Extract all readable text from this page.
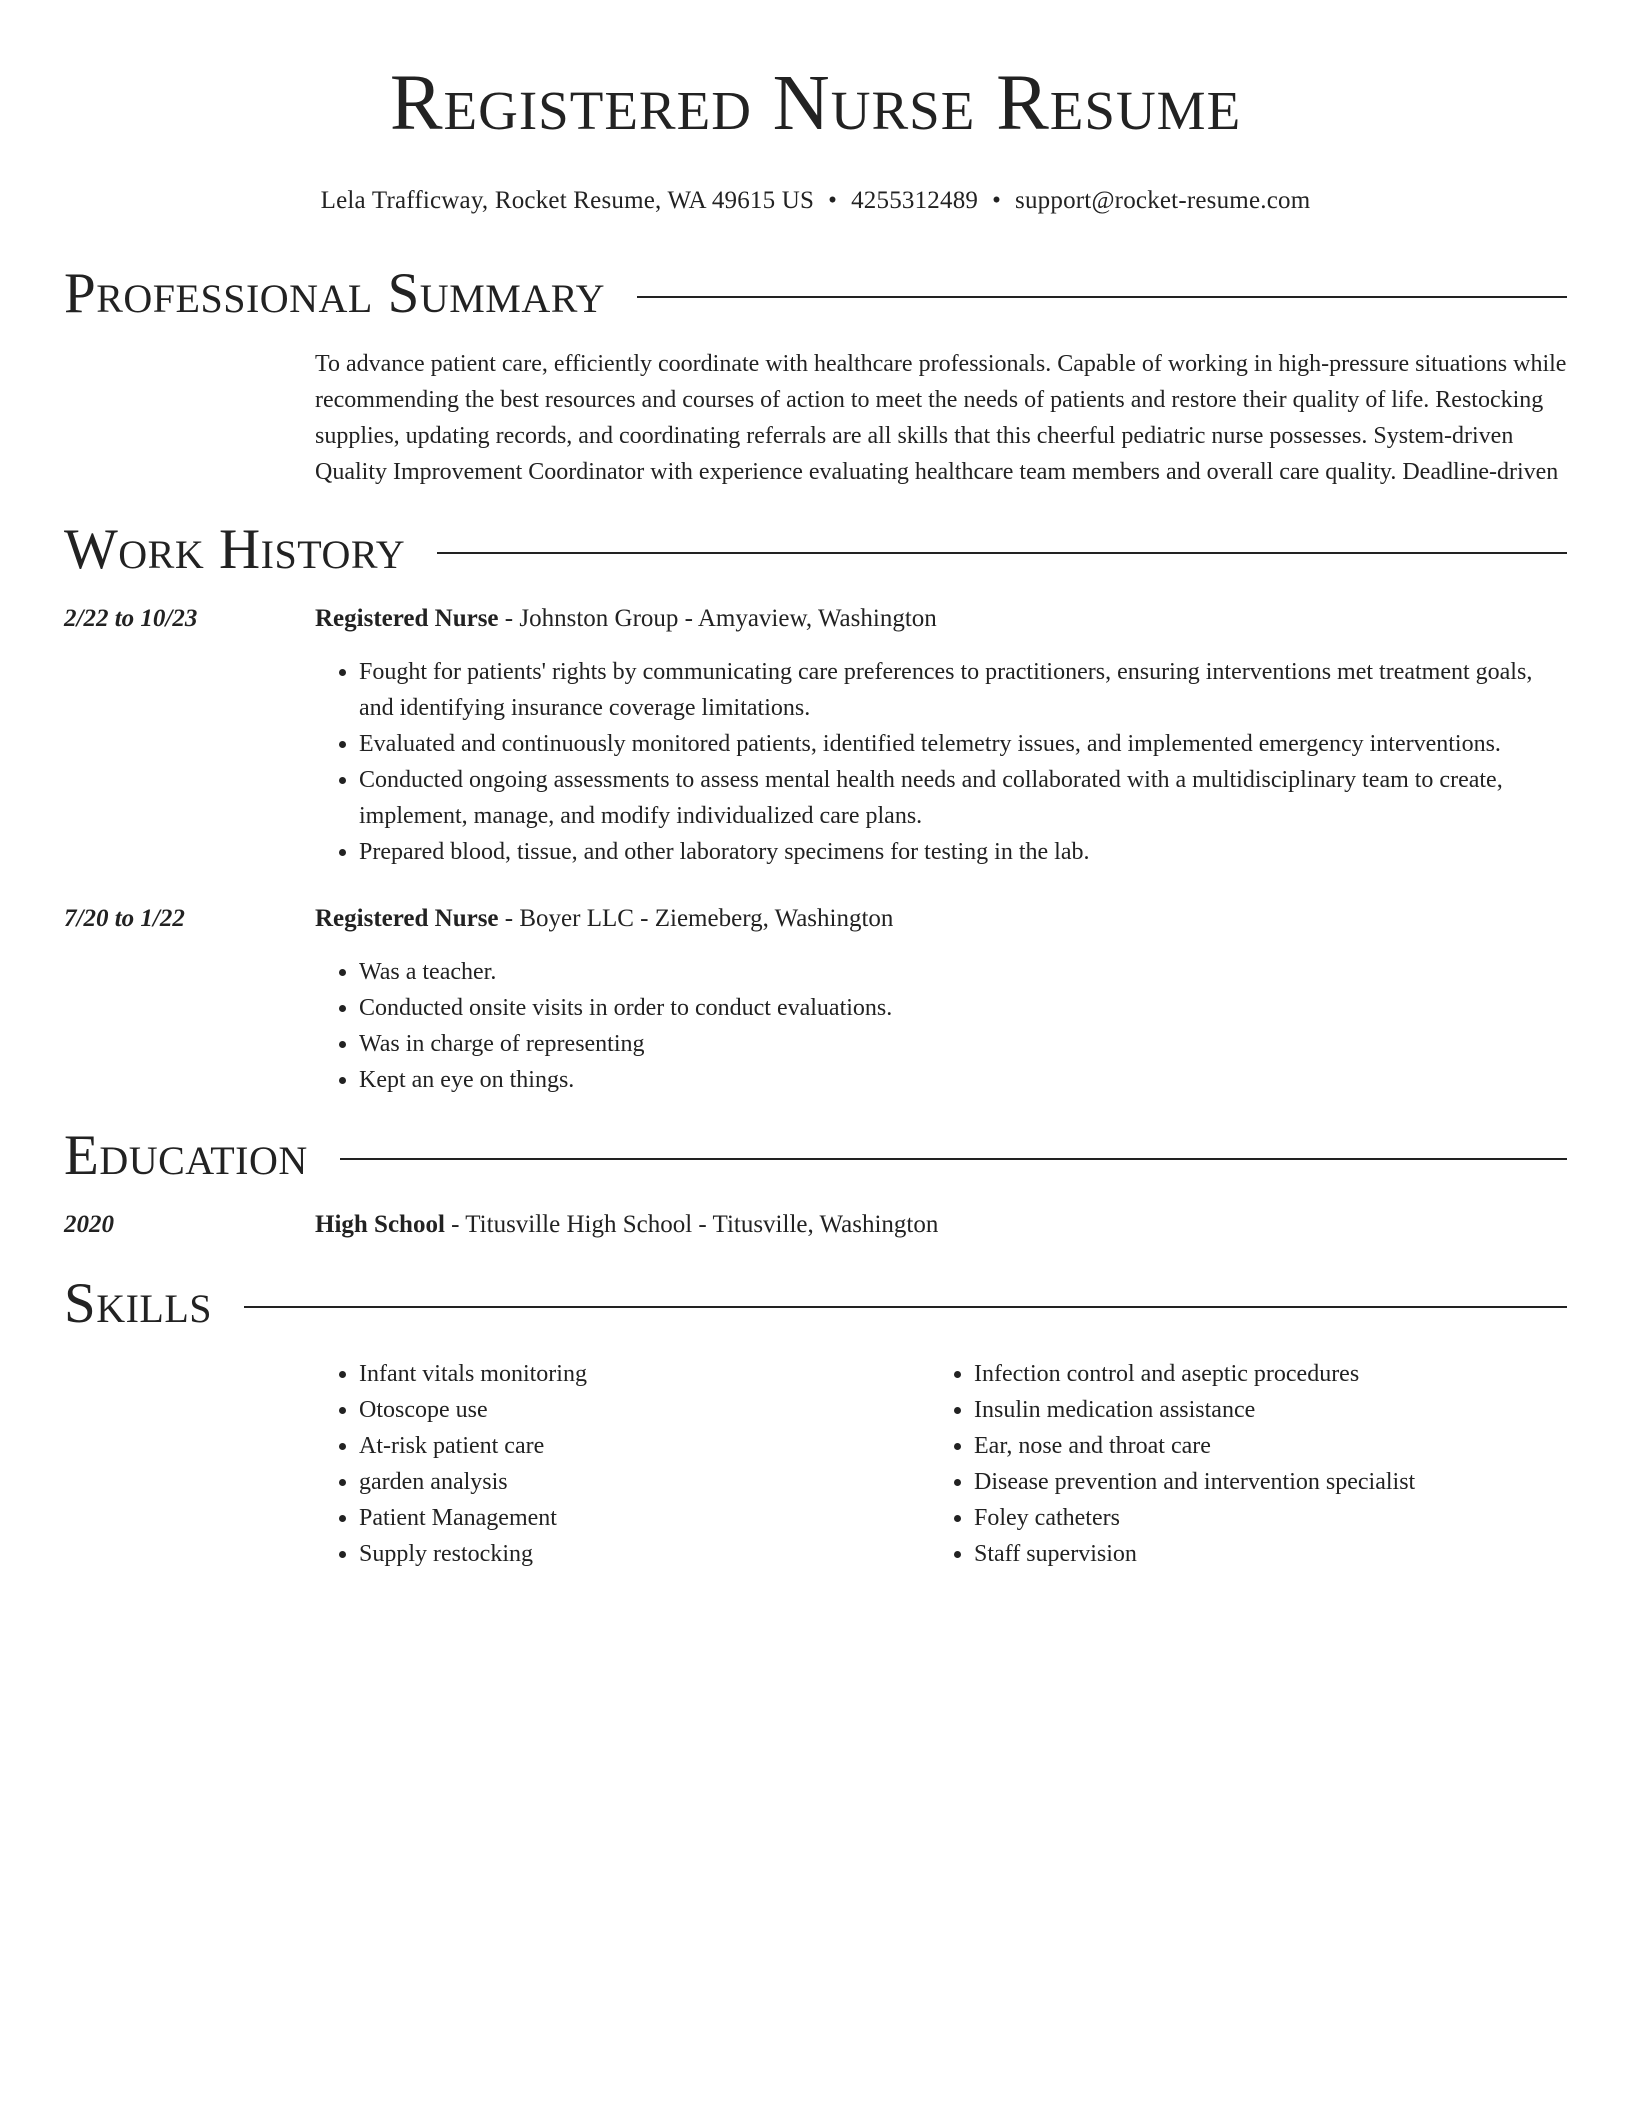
Registered Nurse Resume
Lela Trafficway, Rocket Resume, WA 49615 US • 4255312489 • support@rocket-resume.com
Professional Summary

To advance patient care, efficiently coordinate with healthcare professionals. Capable of working in high-pressure situations while recommending the best resources and courses of action to meet the needs of patients and restore their quality of life. Restocking supplies, updating records, and coordinating referrals are all skills that this cheerful pediatric nurse possesses. System-driven Quality Improvement Coordinator with experience evaluating healthcare team members and overall care quality. Deadline-driven

Work History
2/22 to 10/23	Registered Nurse - Johnston Group - Amyaview, Washington
• Fought for patients' rights by communicating care preferences to practitioners, ensuring interventions met treatment goals, and identifying insurance coverage limitations.
• Evaluated and continuously monitored patients, identified telemetry issues, and implemented emergency interventions.
• Conducted ongoing assessments to assess mental health needs and collaborated with a multidisciplinary team to create, implement, manage, and modify individualized care plans.
• Prepared blood, tissue, and other laboratory specimens for testing in the lab.
7/20 to 1/22	Registered Nurse - Boyer LLC - Ziemeberg, Washington
• Was a teacher.
• Conducted onsite visits in order to conduct evaluations.
• Was in charge of representing
• Kept an eye on things.
Education
2020	High School - Titusville High School - Titusville, Washington
Skills
• Infant vitals monitoring
• Otoscope use
• At-risk patient care
• garden analysis
• Patient Management
• Supply restocking
• Infection control and aseptic procedures
• Insulin medication assistance
• Ear, nose and throat care
• Disease prevention and intervention specialist
• Foley catheters
• Staff supervision
